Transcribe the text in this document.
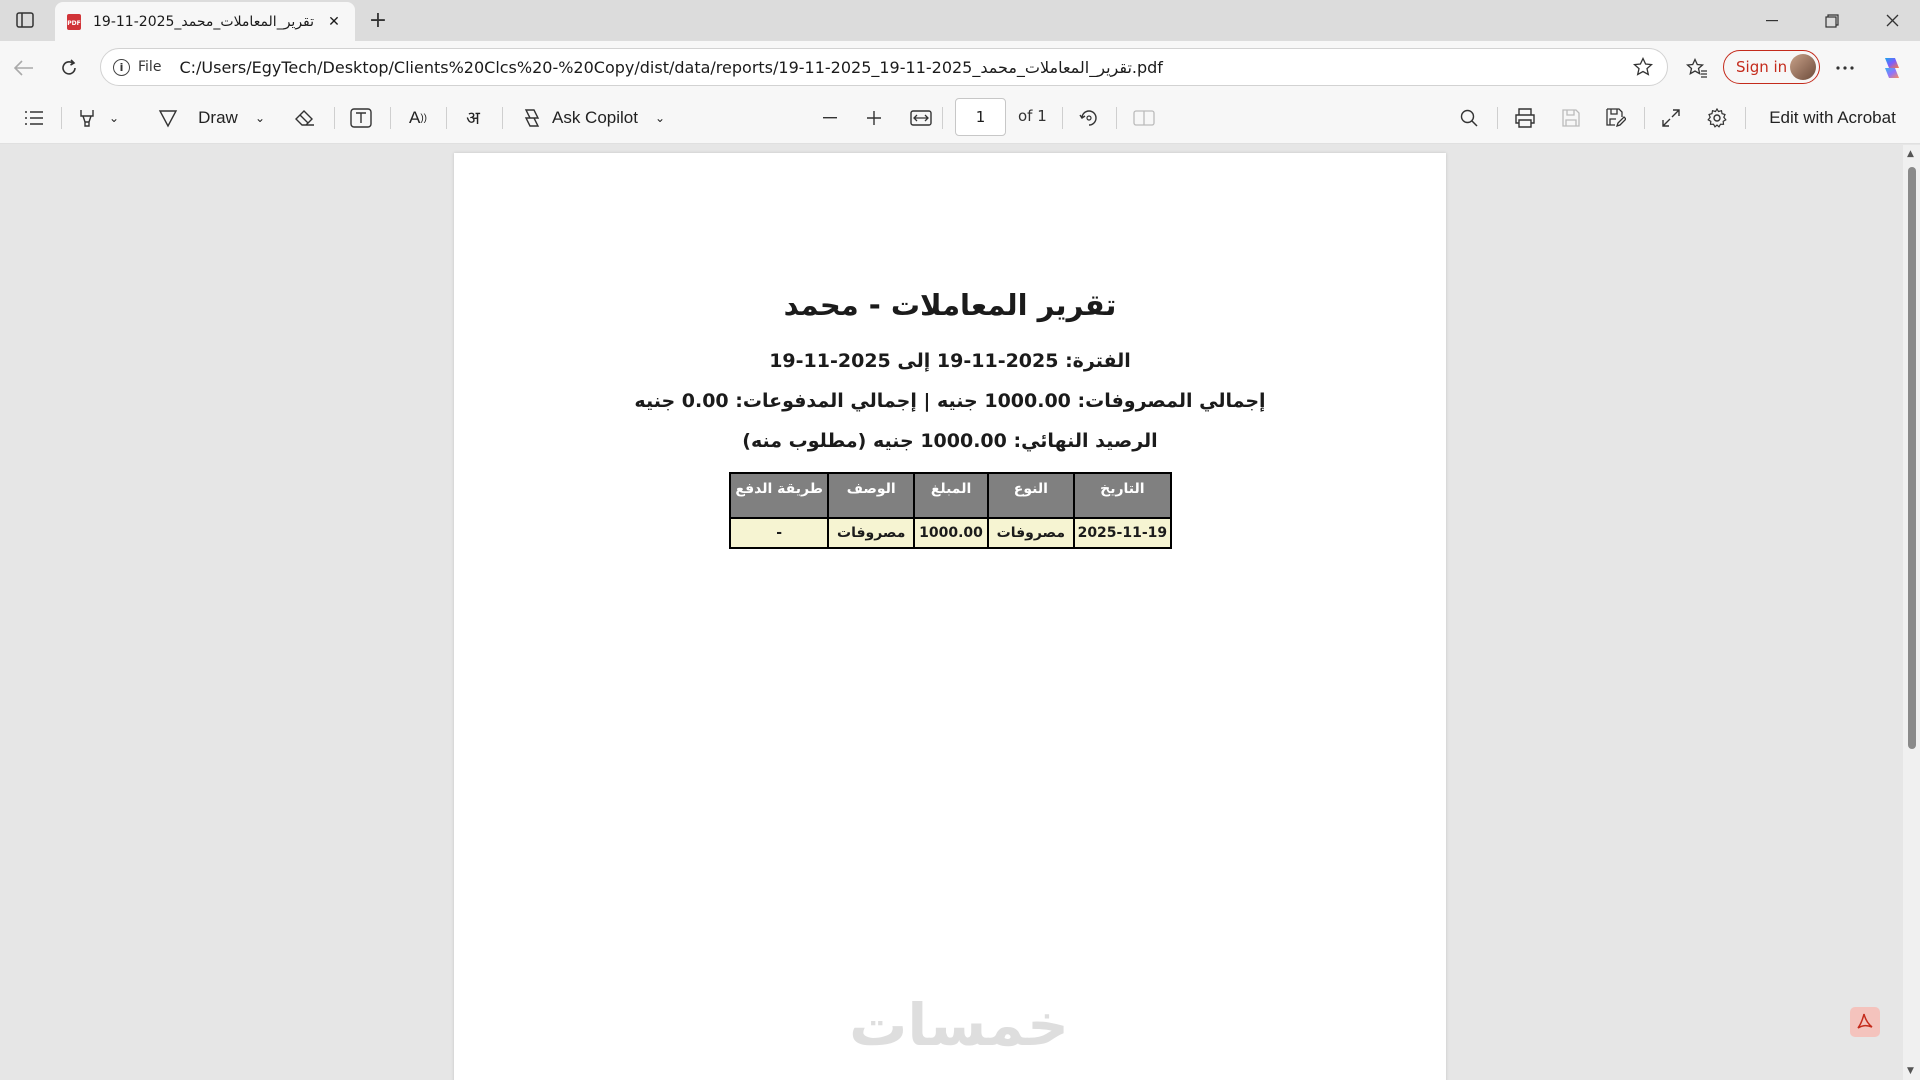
PDF تقرير_المعاملات_محمد_2025-11-19	✕ +
i	File C:/Users/EgyTech/Desktop/Clients%20Clcs%20-%20Copy/dist/data/reports/19-11-2025_19-11-2025_تقرير_المعاملات_محمد.pdf	Sign in
⌄	Draw	⌄	A ))	अ	Ask Copilot	⌄	1	of 1	Edit with Acrobat
تقرير المعاملات - محمد
الفترة: 2025-11-19 إلى 2025-11-19
إجمالي المصروفات: 1000.00 جنيه | إجمالي المدفوعات: 0.00 جنيه
الرصيد النهائي: 1000.00 جنيه (مطلوب منه)
التاريخ	النوع	المبلغ	الوصف	طريقة الدفع
2025-11-19	مصروفات	1000.00	مصروفات	-
خمسات
▲
▼
